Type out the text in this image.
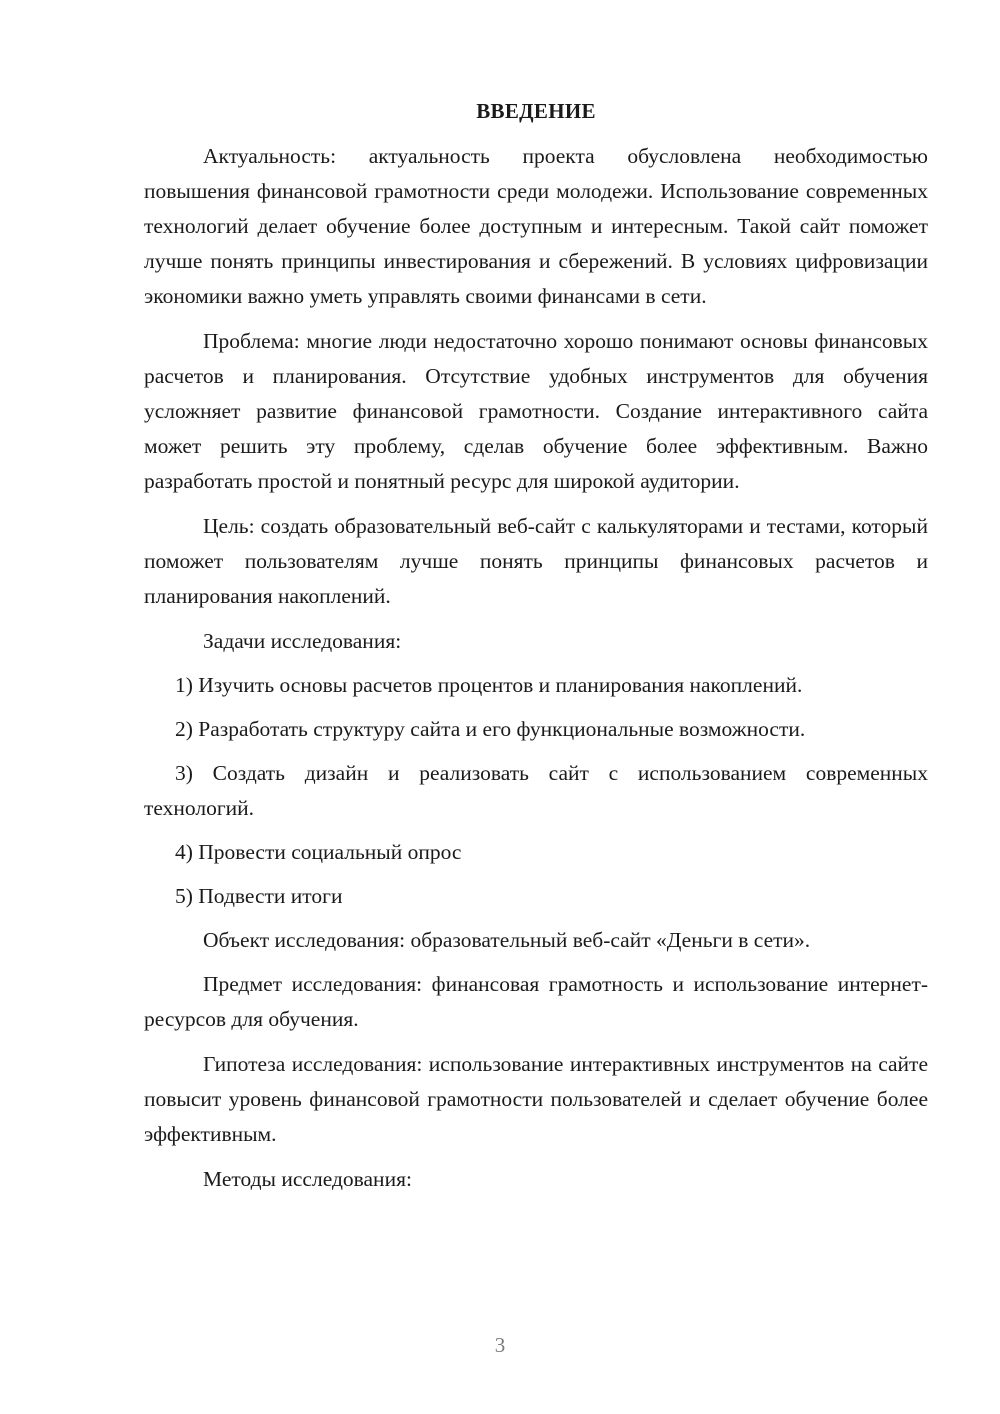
ВВЕДЕНИЕ

Актуальность: актуальность проекта обусловлена необходимостью повышения финансовой грамотности среди молодежи. Использование современных технологий делает обучение более доступным и интересным. Такой сайт поможет лучше понять принципы инвестирования и сбережений. В условиях цифровизации экономики важно уметь управлять своими финансами в сети.

Проблема: многие люди недостаточно хорошо понимают основы финансовых расчетов и планирования. Отсутствие удобных инструментов для обучения усложняет развитие финансовой грамотности. Создание интерактивного сайта может решить эту проблему, сделав обучение более эффективным. Важно разработать простой и понятный ресурс для широкой аудитории.

Цель: создать образовательный веб-сайт с калькуляторами и тестами, который поможет пользователям лучше понять принципы финансовых расчетов и планирования накоплений.

Задачи исследования:

1) Изучить основы расчетов процентов и планирования накоплений.

2) Разработать структуру сайта и его функциональные возможности.

3) Создать дизайн и реализовать сайт с использованием современных технологий.

4) Провести социальный опрос

5) Подвести итоги

Объект исследования: образовательный веб-сайт «Деньги в сети».

Предмет исследования: финансовая грамотность и использование интернет-ресурсов для обучения.

Гипотеза исследования: использование интерактивных инструментов на сайте повысит уровень финансовой грамотности пользователей и сделает обучение более эффективным.

Методы исследования:

3
